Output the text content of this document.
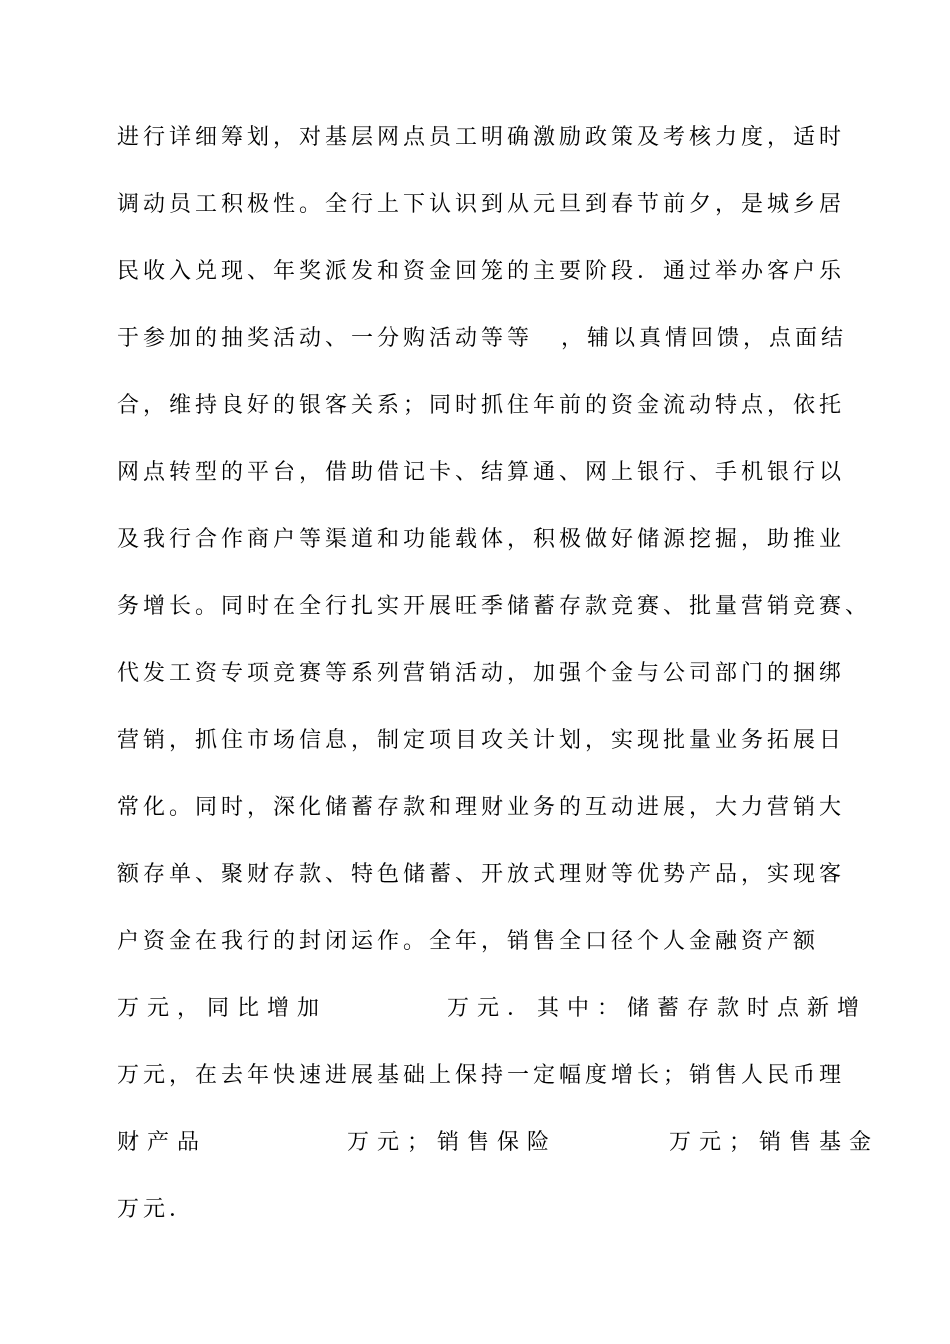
进行详细筹划，对基层网点员工明确激励政策及考核力度，适时
调动员工积极性。全行上下认识到从元旦到春节前夕，是城乡居
民收入兑现、年奖派发和资金回笼的主要阶段．通过举办客户乐
于参加的抽奖活动、一分购活动等等 ，辅以真情回馈，点面结
合，维持良好的银客关系；同时抓住年前的资金流动特点，依托
网点转型的平台，借助借记卡、结算通、网上银行、手机银行以
及我行合作商户等渠道和功能载体，积极做好储源挖掘，助推业
务增长。同时在全行扎实开展旺季储蓄存款竞赛、批量营销竞赛、
代发工资专项竞赛等系列营销活动，加强个金与公司部门的捆绑
营销，抓住市场信息，制定项目攻关计划，实现批量业务拓展日
常化。同时，深化储蓄存款和理财业务的互动进展，大力营销大
额存单、聚财存款、特色储蓄、开放式理财等优势产品，实现客
户资金在我行的封闭运作。全年，销售全口径个人金融资产额
万元，同比增加	万元．其中：储蓄存款时点新增
万元，在去年快速进展基础上保持一定幅度增长；销售人民币理
财产品	万元；销售保险	万元；销售基金
万元．
